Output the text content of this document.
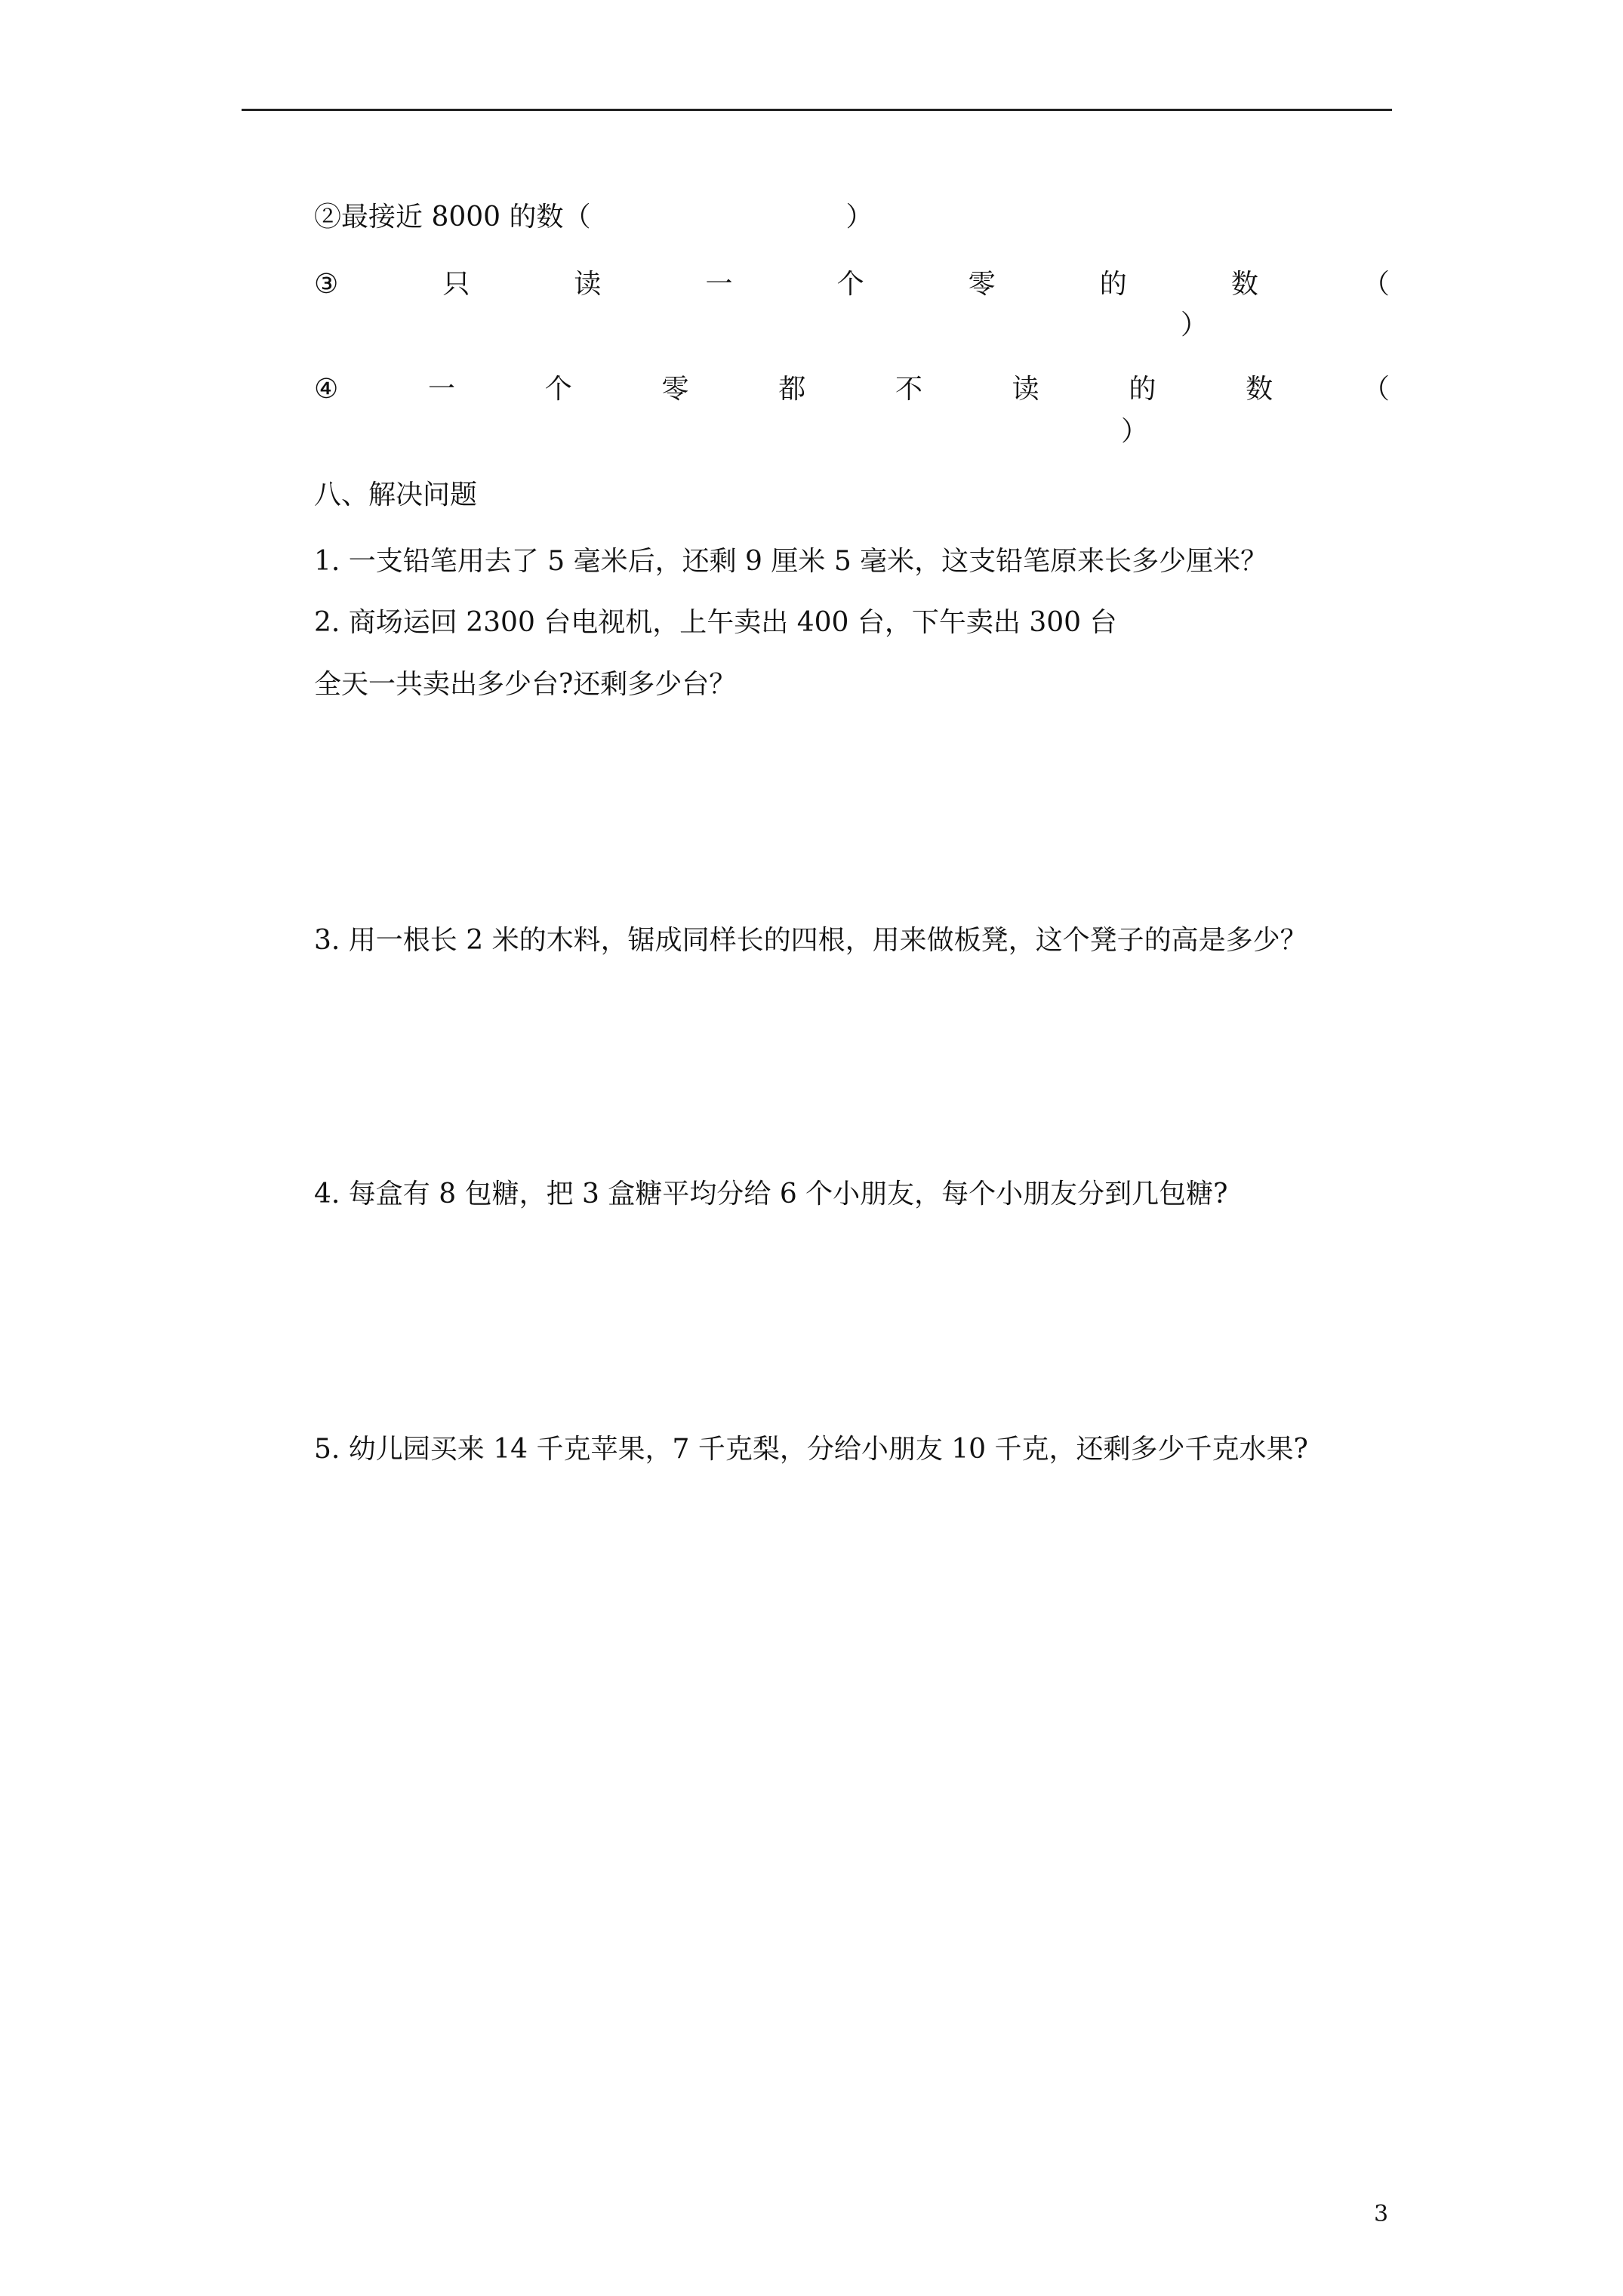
②最接近 8000 的数（	）
③	只	读	一	个	零	的	数	（
）
④	一	个	零	都	不	读	的	数	（
）
八、解决问题
1. 一支铅笔用去了 5 毫米后，还剩 9 厘米 5 毫米，这支铅笔原来长多少厘米？
2. 商场运回 2300 台电视机，上午卖出 400 台，下午卖出 300 台
全天一共卖出多少台?还剩多少台？
3. 用一根长 2 米的木料，锯成同样长的四根，用来做板凳，这个凳子的高是多少？
4. 每盒有 8 包糖，把 3 盒糖平均分给 6 个小朋友，每个小朋友分到几包糖?
5. 幼儿园买来 14 千克苹果，7 千克梨，分给小朋友 10 千克，还剩多少千克水果?
3
